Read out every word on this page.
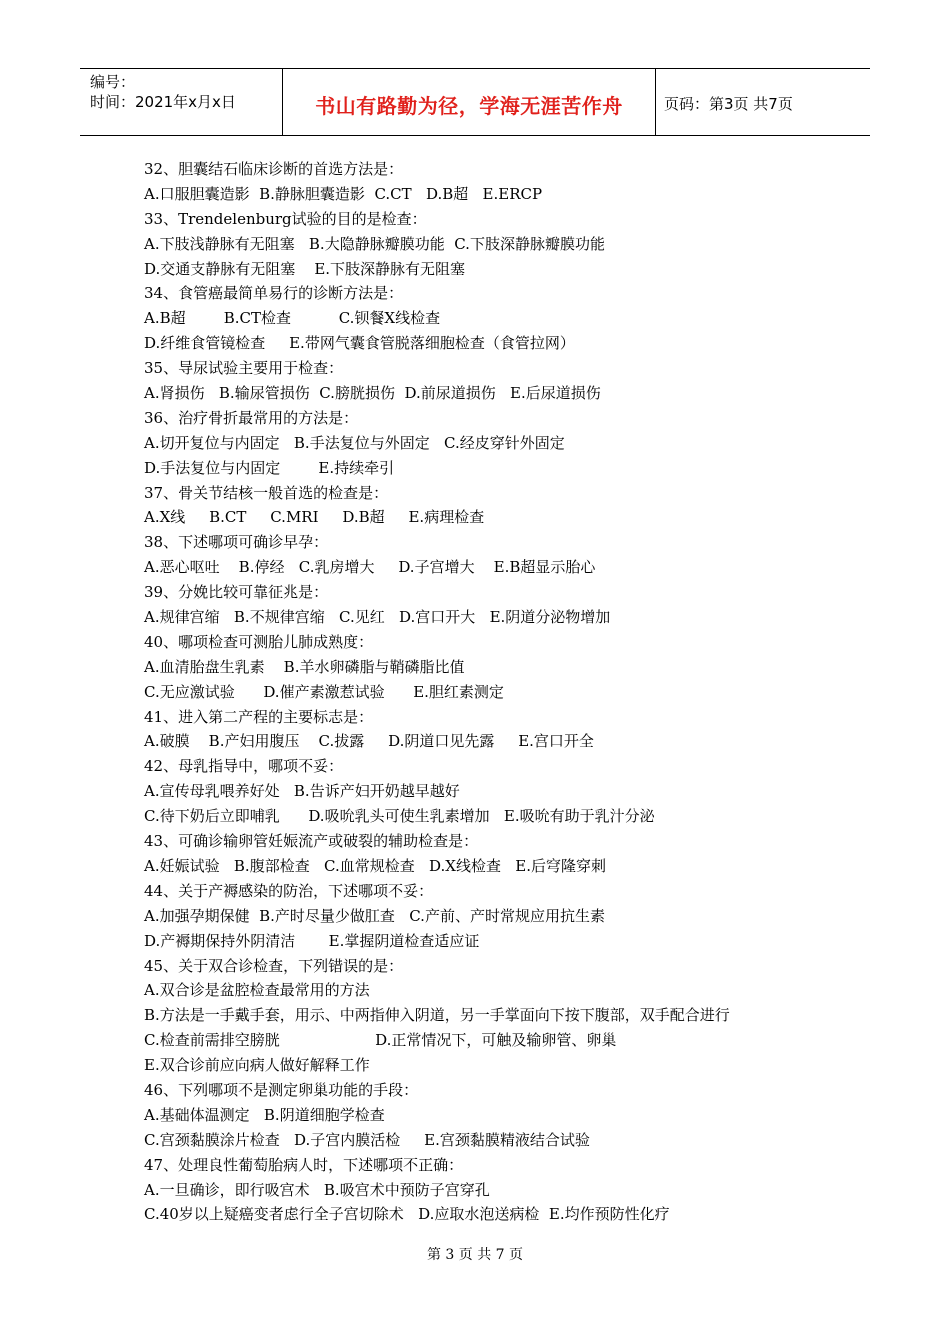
编号：
时间：2021年x月x日	书山有路勤为径，学海无涯苦作舟	页码：第3页 共7页
32、胆囊结石临床诊断的首选方法是：
A.口服胆囊造影  B.静脉胆囊造影  C.CT   D.B超   E.ERCP
33、Trendelenburg试验的目的是检查：
A.下肢浅静脉有无阻塞   B.大隐静脉瓣膜功能  C.下肢深静脉瓣膜功能
D.交通支静脉有无阻塞    E.下肢深静脉有无阻塞
34、食管癌最简单易行的诊断方法是：
A.B超        B.CT检查          C.钡餐X线检查
D.纤维食管镜检查     E.带网气囊食管脱落细胞检查（食管拉网）
35、导尿试验主要用于检查：
A.肾损伤   B.输尿管损伤  C.膀胱损伤  D.前尿道损伤   E.后尿道损伤
36、治疗骨折最常用的方法是：
A.切开复位与内固定   B.手法复位与外固定   C.经皮穿针外固定
D.手法复位与内固定        E.持续牵引
37、骨关节结核一般首选的检查是：
A.X线     B.CT     C.MRI     D.B超     E.病理检查
38、下述哪项可确诊早孕：
A.恶心呕吐    B.停经   C.乳房增大     D.子宫增大    E.B超显示胎心
39、分娩比较可靠征兆是：
A.规律宫缩   B.不规律宫缩   C.见红   D.宫口开大   E.阴道分泌物增加
40、哪项检查可测胎儿肺成熟度：
A.血清胎盘生乳素    B.羊水卵磷脂与鞘磷脂比值
C.无应激试验      D.催产素激惹试验      E.胆红素测定
41、进入第二产程的主要标志是：
A.破膜    B.产妇用腹压    C.拔露     D.阴道口见先露     E.宫口开全
42、母乳指导中，哪项不妥：
A.宣传母乳喂养好处   B.告诉产妇开奶越早越好
C.待下奶后立即哺乳      D.吸吮乳头可使生乳素增加   E.吸吮有助于乳汁分泌
43、可确诊输卵管妊娠流产或破裂的辅助检查是：
A.妊娠试验   B.腹部检查   C.血常规检查   D.X线检查   E.后穹隆穿刺
44、关于产褥感染的防治，下述哪项不妥：
A.加强孕期保健  B.产时尽量少做肛查   C.产前、产时常规应用抗生素
D.产褥期保持外阴清洁       E.掌握阴道检查适应证
45、关于双合诊检查，下列错误的是：
A.双合诊是盆腔检查最常用的方法
B.方法是一手戴手套，用示、中两指伸入阴道，另一手掌面向下按下腹部，双手配合进行
C.检查前需排空膀胱                    D.正常情况下，可触及输卵管、卵巢
E.双合诊前应向病人做好解释工作
46、下列哪项不是测定卵巢功能的手段：
A.基础体温测定   B.阴道细胞学检查
C.宫颈黏膜涂片检查   D.子宫内膜活检     E.宫颈黏膜精液结合试验
47、处理良性葡萄胎病人时，下述哪项不正确：
A.一旦确诊，即行吸宫术   B.吸宫术中预防子宫穿孔
C.40岁以上疑癌变者虑行全子宫切除术   D.应取水泡送病检  E.均作预防性化疗
第 3 页 共 7 页
